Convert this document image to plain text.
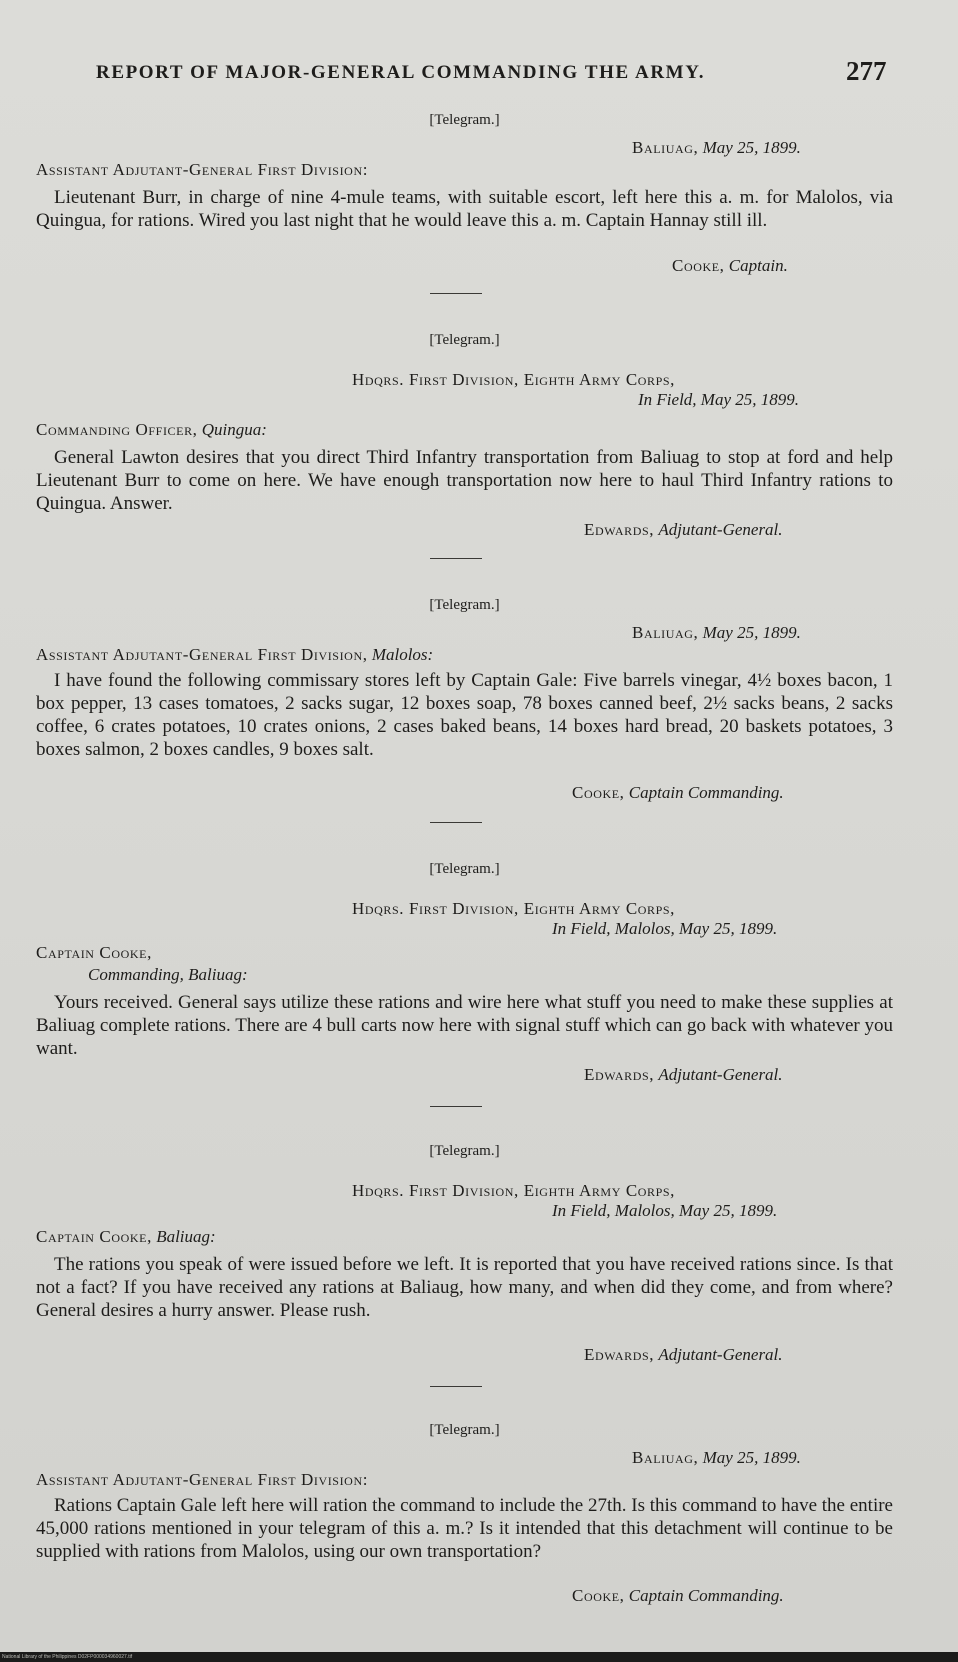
REPORT OF MAJOR-GENERAL COMMANDING THE ARMY.	277
[Telegram.]
Baliuag, May 25, 1899.
Assistant Adjutant-General First Division:
Lieutenant Burr, in charge of nine 4-mule teams, with suitable escort, left here this a. m. for Malolos, via Quingua, for rations. Wired you last night that he would leave this a. m. Captain Hannay still ill.
Cooke, Captain.
[Telegram.]
Hdqrs. First Division, Eighth Army Corps,
In Field, May 25, 1899.
Commanding Officer, Quingua:
General Lawton desires that you direct Third Infantry transportation from Baliuag to stop at ford and help Lieutenant Burr to come on here. We have enough transportation now here to haul Third Infantry rations to Quingua. Answer.
Edwards, Adjutant-General.
[Telegram.]
Baliuag, May 25, 1899.
Assistant Adjutant-General First Division, Malolos:
I have found the following commissary stores left by Captain Gale: Five barrels vinegar, 4½ boxes bacon, 1 box pepper, 13 cases tomatoes, 2 sacks sugar, 12 boxes soap, 78 boxes canned beef, 2½ sacks beans, 2 sacks coffee, 6 crates potatoes, 10 crates onions, 2 cases baked beans, 14 boxes hard bread, 20 baskets potatoes, 3 boxes salmon, 2 boxes candles, 9 boxes salt.
Cooke, Captain Commanding.
[Telegram.]
Hdqrs. First Division, Eighth Army Corps,
In Field, Malolos, May 25, 1899.
Captain Cooke,
Commanding, Baliuag:
Yours received. General says utilize these rations and wire here what stuff you need to make these supplies at Baliuag complete rations. There are 4 bull carts now here with signal stuff which can go back with whatever you want.
Edwards, Adjutant-General.
[Telegram.]
Hdqrs. First Division, Eighth Army Corps,
In Field, Malolos, May 25, 1899.
Captain Cooke, Baliuag:
The rations you speak of were issued before we left. It is reported that you have received rations since. Is that not a fact? If you have received any rations at Baliaug, how many, and when did they come, and from where? General desires a hurry answer. Please rush.
Edwards, Adjutant-General.
[Telegram.]
Baliuag, May 25, 1899.
Assistant Adjutant-General First Division:
Rations Captain Gale left here will ration the command to include the 27th. Is this command to have the entire 45,000 rations mentioned in your telegram of this a. m.? Is it intended that this detachment will continue to be supplied with rations from Malolos, using our own transportation?
Cooke, Captain Commanding.
National Library of the Philippines D02FP000034960027.tif
